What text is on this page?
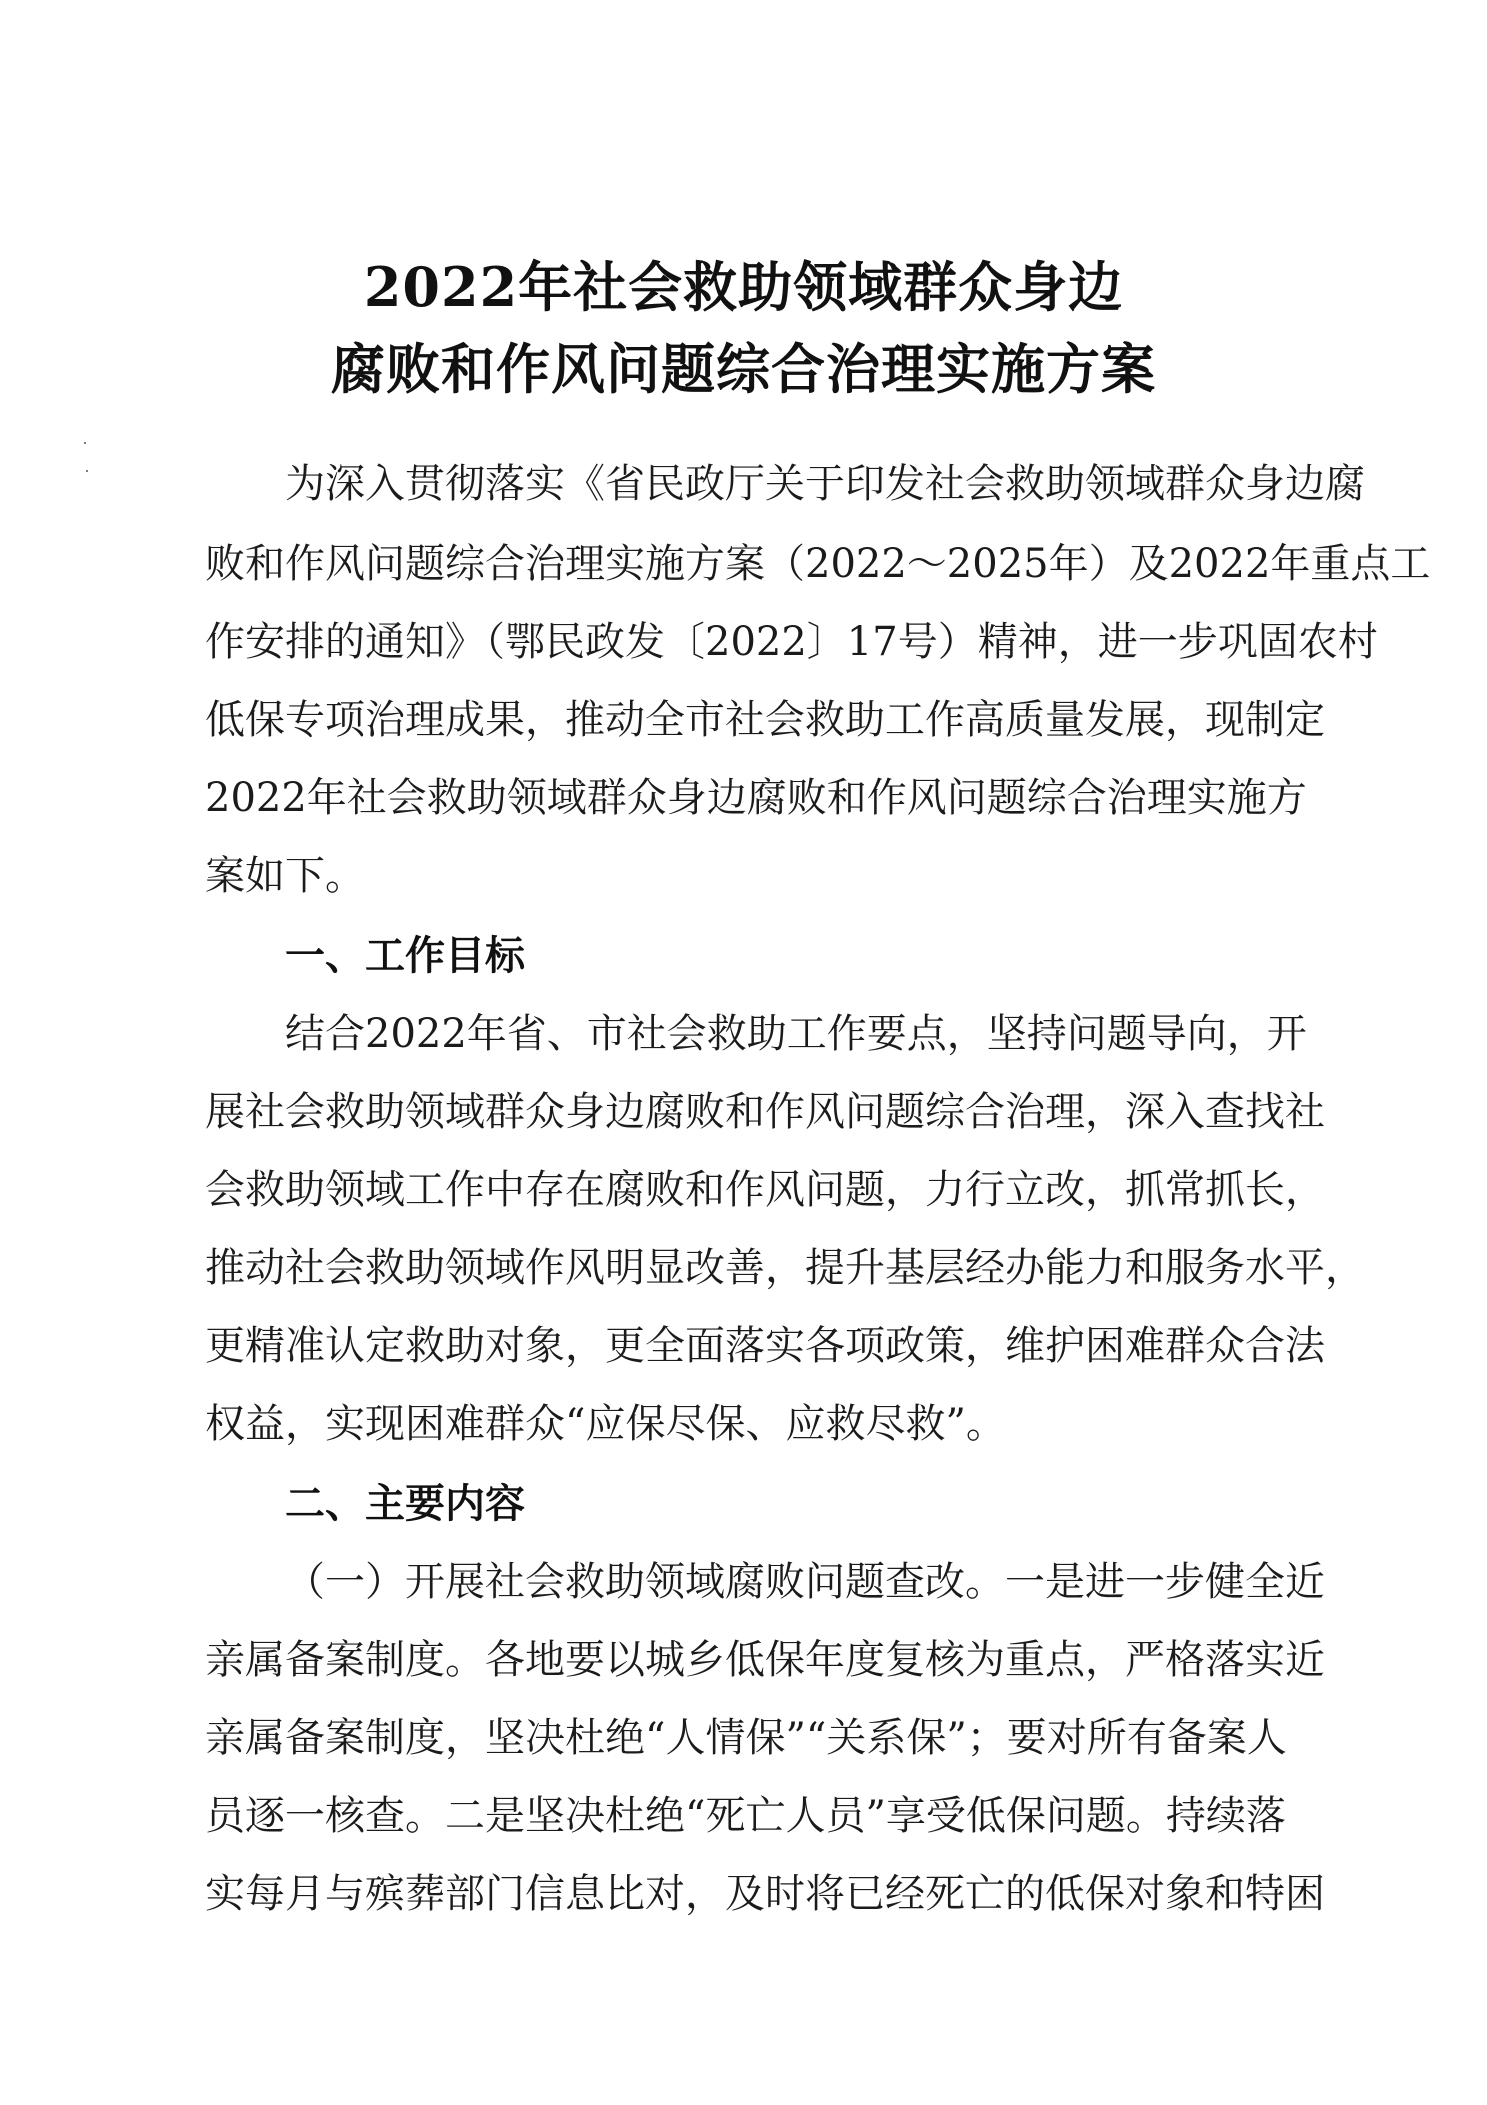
2022年社会救助领域群众身边
腐败和作风问题综合治理实施方案
为深入贯彻落实《省民政厅关于印发社会救助领域群众身边腐
败和作风问题综合治理实施方案（2022～2025年）及2022年重点工
作安排的通知》（鄂民政发〔2022〕17号）精神，进一步巩固农村
低保专项治理成果，推动全市社会救助工作高质量发展，现制定
2022年社会救助领域群众身边腐败和作风问题综合治理实施方
案如下。
一、工作目标
结合2022年省、市社会救助工作要点，坚持问题导向，开
展社会救助领域群众身边腐败和作风问题综合治理，深入查找社
会救助领域工作中存在腐败和作风问题，力行立改，抓常抓长，
推动社会救助领域作风明显改善，提升基层经办能力和服务水平，
更精准认定救助对象，更全面落实各项政策，维护困难群众合法
权益，实现困难群众“应保尽保、应救尽救”。
二、主要内容
（一）开展社会救助领域腐败问题查改。一是进一步健全近
亲属备案制度。各地要以城乡低保年度复核为重点，严格落实近
亲属备案制度，坚决杜绝“人情保”“关系保”；要对所有备案人
员逐一核查。二是坚决杜绝“死亡人员”享受低保问题。持续落
实每月与殡葬部门信息比对，及时将已经死亡的低保对象和特困
